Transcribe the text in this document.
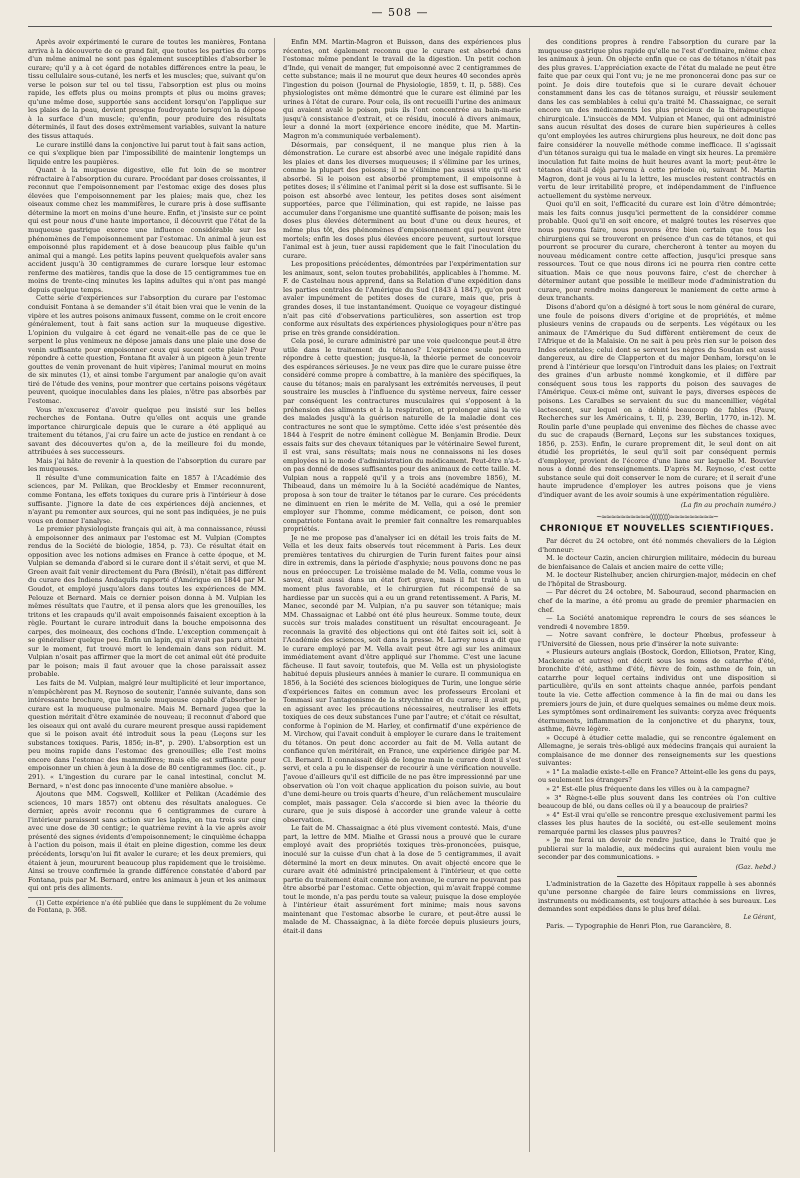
— 508 —

Après avoir expérimenté le curare de toutes les manières, Fontana arriva à la découverte de ce grand fait, que toutes les parties du corps d'un même animal ne sont pas également susceptibles d'absorber le curare; qu'il y a à cet égard de notables différences entre la peau, le tissu cellulaire sous-cutané, les nerfs et les muscles; que, suivant qu'on verse le poison sur tel ou tel tissu, l'absorption est plus ou moins rapide, les effets plus ou moins prompts et plus ou moins graves; qu'une même dose, supportée sans accident lorsqu'on l'applique sur les plaies de la peau, devient presque foudroyante lorsqu'on la dépose à la surface d'un muscle; qu'enfin, pour produire des résultats déterminés, il faut des doses extrêmement variables, suivant la nature des tissus attaqués.

Le curare instillé dans la conjonctive lui parut tout à fait sans action, ce qui s'explique bien par l'impossibilité de maintenir longtemps un liquide entre les paupières.

Quant à la muqueuse digestive, elle fut loin de se montrer réfractaire à l'absorption du curare. Procédant par doses croissantes, il reconnut que l'empoisonnement par l'estomac exige des doses plus élevées que l'empoisonnement par les plaies; mais que, chez les oiseaux comme chez les mammifères, le curare pris à dose suffisante détermine la mort en moins d'une heure. Enfin, et j'insiste sur ce point qui est pour nous d'une haute importance, il découvrit que l'état de la muqueuse gastrique exerce une influence considérable sur les phénomènes de l'empoisonnement par l'estomac. Un animal à jeun est empoisonné plus rapidement et à dose beaucoup plus faible qu'un animal qui a mangé. Les petits lapins peuvent quelquefois avaler sans accident jusqu'à 30 centigrammes de curare lorsque leur estomac renferme des matières, tandis que la dose de 15 centigrammes tue en moins de trente-cinq minutes les lapins adultes qui n'ont pas mangé depuis quelque temps.

Cette série d'expériences sur l'absorption du curare par l'estomac conduisit Fontana à se demander s'il était bien vrai que le venin de la vipère et les autres poisons animaux fussent, comme on le croit encore généralement, tout à fait sans action sur la muqueuse digestive. L'opinion du vulgaire à cet égard ne venait-elle pas de ce que le serpent le plus venimeux ne dépose jamais dans une plaie une dose de venin suffisante pour empoisonner ceux qui sucent cette plaie? Pour répondre à cette question, Fontana fit avaler à un pigeon à jeun trente gouttes de venin provenant de huit vipères; l'animal mourut en moins de six minutes (1), et ainsi tombe l'argument par analogie qu'on avait tiré de l'étude des venins, pour montrer que certains poisons végétaux peuvent, quoique inoculables dans les plaies, n'être pas absorbés par l'estomac.

Vous m'excuserez d'avoir quelque peu insisté sur les belles recherches de Fontana. Outre qu'elles ont acquis une grande importance chirurgicale depuis que le curare a été appliqué au traitement du tétanos, j'ai cru faire un acte de justice en rendant à ce savant des découvertes qu'on a, de la meilleure foi du monde, attribuées à ses successeurs.

Mais j'ai hâte de revenir à la question de l'absorption du curare par les muqueuses.

Il résulte d'une communication faite en 1857 à l'Académie des sciences, par M. Pelikan, que Brocklesby et Emmer reconnurent, comme Fontana, les effets toxiques du curare pris à l'intérieur à dose suffisante. J'ignore la date de ces expériences déjà anciennes, et n'ayant pu remonter aux sources, qui ne sont pas indiquées, je ne puis vous en donner l'analyse.

Le premier physiologiste français qui ait, à ma connaissance, réussi à empoisonner des animaux par l'estomac est M. Vulpian (Comptes rendus de la Société de biologie, 1854, p. 73). Ce résultat était en opposition avec les notions admises en France à cette époque, et M. Vulpian se demanda d'abord si le curare dont il s'était servi, et que M. Green avait fait venir directement du Para (Brésil), n'était pas différent du curare des Indiens Andaquils rapporté d'Amérique en 1844 par M. Goudot, et employé jusqu'alors dans toutes les expériences de MM. Pelouze et Bernard. Mais ce dernier poison donna à M. Vulpian les mêmes résultats que l'autre, et il pensa alors que les grenouilles, les tritons et les crapauds qu'il avait empoisonnés faisaient exception à la règle. Pourtant le curare introduit dans la bouche empoisonna des carpes, des moineaux, des cochons d'Inde. L'exception commençait à se généraliser quelque peu. Enfin un lapin, qui n'avait pas paru atteint sur le moment, fut trouvé mort le lendemain dans son réduit. M. Vulpian n'osait pas affirmer que la mort de cet animal eût été produite par le poison; mais il faut avouer que la chose paraissait assez probable.

Les faits de M. Vulpian, malgré leur multiplicité et leur importance, n'empêchèrent pas M. Reynoso de soutenir, l'année suivante, dans son intéressante brochure, que la seule muqueuse capable d'absorber le curare est la muqueuse pulmonaire. Mais M. Bernard jugea que la question méritait d'être examinée de nouveau; il reconnut d'abord que les oiseaux qui ont avalé du curare meurent presque aussi rapidement que si le poison avait été introduit sous la peau (Leçons sur les substances toxiques. Paris, 1856; in-8°, p. 290). L'absorption est un peu moins rapide dans l'estomac des grenouilles; elle l'est moins encore dans l'estomac des mammifères; mais elle est suffisante pour empoisonner un chien à jeun à la dose de 80 centigrammes (loc. cit., p. 291). « L'ingestion du curare par le canal intestinal, conclut M. Bernard, » n'est donc pas innocente d'une manière absolue. »

Ajoutons que MM. Cogswell, Kolliker et Pelikan (Académie des sciences, 10 mars 1857) ont obtenu des résultats analogues. Ce dernier, après avoir reconnu que 6 centigrammes de curare à l'intérieur paraissent sans action sur les lapins, en tua trois sur cinq avec une dose de 30 centigr.; le quatrième revint à la vie après avoir présenté des signes évidents d'empoisonnement; le cinquième échappa à l'action du poison, mais il était en pleine digestion, comme les deux précédents, lorsqu'on lui fit avaler le curare; et les deux premiers, qui étaient à jeun, moururent beaucoup plus rapidement que le troisième. Ainsi se trouve confirmée la grande différence constatée d'abord par Fontana, puis par M. Bernard, entre les animaux à jeun et les animaux qui ont pris des aliments.

(1) Cette expérience n'a été publiée que dans le supplément du 2e volume de Fontana, p. 368.

Enfin MM. Martin-Magron et Buisson, dans des expériences plus récentes, ont également reconnu que le curare est absorbé dans l'estomac même pendant le travail de la digestion. Un petit cochon d'Inde, qui venait de manger, fut empoisonné avec 2 centigrammes de cette substance; mais il ne mourut que deux heures 40 secondes après l'ingestion du poison (Journal de Physiologie, 1859, t. II, p. 588). Ces physiologistes ont même démontré que le curare est éliminé par les urines à l'état de curare. Pour cela, ils ont recueilli l'urine des animaux qui avaient avalé le poison, puis ils l'ont concentrée au bain-marie jusqu'à consistance d'extrait, et ce résidu, inoculé à divers animaux, leur a donné la mort (expérience encore inédite, que M. Martin-Magron m'a communiquée verbalement).

Désormais, par conséquent, il ne manque plus rien à la démonstration. Le curare est absorbé avec une inégale rapidité dans les plaies et dans les diverses muqueuses; il s'élimine par les urines, comme la plupart des poisons; il ne s'élimine pas aussi vite qu'il est absorbé. Si le poison est absorbé promptement, il empoisonne à petites doses; il s'élimine et l'animal périt si la dose est suffisante. Si le poison est absorbé avec lenteur, les petites doses sont aisément supportées, parce que l'élimination, qui est rapide, ne laisse pas accumuler dans l'organisme une quantité suffisante de poison; mais les doses plus élevées déterminent au bout d'une ou deux heures, et même plus tôt, des phénomènes d'empoisonnement qui peuvent être mortels; enfin les doses plus élevées encore peuvent, surtout lorsque l'animal est à jeun, tuer aussi rapidement que le fait l'inoculation du curare.

Les propositions précédentes, démontrées par l'expérimentation sur les animaux, sont, selon toutes probabilités, applicables à l'homme. M. F. de Castelnau nous apprend, dans sa Relation d'une expédition dans les parties centrales de l'Amérique du Sud (1843 à 1847), qu'on peut avaler impunément de petites doses de curare, mais que, pris à grandes doses, il tue instantanément. Quoique ce voyageur distingué n'ait pas cité d'observations particulières, son assertion est trop conforme aux résultats des expériences physiologiques pour n'être pas prise en très grande considération.

Cela posé, le curare administré par une voie quelconque peut-il être utile dans le traitement du tétanos? L'expérience seule pourra répondre à cette question; jusque-là, la théorie permet de concevoir des espérances sérieuses. Je ne veux pas dire que le curare puisse être considéré comme propre à combattre, à la manière des spécifiques, la cause du tétanos; mais en paralysant les extrémités nerveuses, il peut soustraire les muscles à l'influence du système nerveux, faire cesser par conséquent les contractures musculaires qui s'opposent à la préhension des aliments et à la respiration, et prolonger ainsi la vie des malades jusqu'à la guérison naturelle de la maladie dont ces contractures ne sont que le symptôme. Cette idée s'est présentée dès 1844 à l'esprit de notre éminent collègue M. Benjamin Brodie. Deux essais faits sur des chevaux tétaniques par le vétérinaire Sewel furent, il est vrai, sans résultats; mais nous ne connaissons ni les doses employées ni le mode d'administration du médicament. Peut-être n'a-t-on pas donné de doses suffisantes pour des animaux de cette taille. M. Vulpian nous a rappelé qu'il y a trois ans (novembre 1856), M. Thibeaud, dans un mémoire lu à la Société académique de Nantes, proposa à son tour de traiter le tétanos par le curare. Ces précédents ne diminuent en rien le mérite de M. Vella, qui a osé le premier employer sur l'homme, comme médicament, ce poison, dont son compatriote Fontana avait le premier fait connaître les remarquables propriétés.

Je ne me propose pas d'analyser ici en détail les trois faits de M. Vella et les deux faits observés tout récemment à Paris. Les deux premières tentatives du chirurgien de Turin furent faites pour ainsi dire in extremis, dans la période d'asphyxie; nous pouvons donc ne pas nous en préoccuper. Le troisième malade de M. Vella, comme vous le savez, était aussi dans un état fort grave, mais il fut traité à un moment plus favorable, et le chirurgien fut récompensé de sa hardiesse par un succès qui a eu un grand retentissement. A Paris, M. Manec, secondé par M. Vulpian, n'a pu sauver son tétanique; mais MM. Chassaignac et Labbé ont été plus heureux. Somme toute, deux succès sur trois malades constituent un résultat encourageant. Je reconnais la gravité des objections qui ont été faites soit ici, soit à l'Académie des sciences, soit dans la presse. M. Larrey nous a dit que le curare employé par M. Vella avait peut être agi sur les animaux immédiatement avant d'être appliqué sur l'homme. C'est une lacune fâcheuse. Il faut savoir, toutefois, que M. Vella est un physiologiste habitué depuis plusieurs années à manier le curare. Il communiqua en 1856, à la Société des sciences biologiques de Turin, une longue série d'expériences faites en commun avec les professeurs Ercolani et Tommasi sur l'antagonisme de la strychnine et du curare; il avait pu, en agissant avec les précautions nécessaires, neutraliser les effets toxiques de ces deux substances l'une par l'autre; et c'était ce résultat, conforme à l'opinion de M. Harley, et confirmatif d'une expérience de M. Virchow, qui l'avait conduit à employer le curare dans le traitement du tétanos. On peut donc accorder au fait de M. Vella autant de confiance qu'en méritérait, en France, une expérience dirigée par M. Cl. Bernard. Il connaissait déjà de longue main le curare dont il s'est servi, et cela a pu le dispenser de recourir à une vérification nouvelle. J'avoue d'ailleurs qu'il est difficile de ne pas être impressionné par une observation où l'on voit chaque application du poison suivie, au bout d'une demi-heure ou trois quarts d'heure, d'un relâchement musculaire complet, mais passager. Cela s'accorde si bien avec la théorie du curare, que je suis disposé à accorder une grande valeur à cette observation.

Le fait de M. Chassaignac a été plus vivement contesté. Mais, d'une part, la lettre de MM. Mialhe et Grassi nous a prouvé que le curare employé avait des propriétés toxiques très-prononcées, puisque, inoculé sur la cuisse d'un chat à la dose de 5 centigrammes, il avait déterminé la mort en deux minutes. On avait objecté encore que le curare avait été administré principalement à l'intérieur, et que cette partie du traitement était comme non avenue, le curare ne pouvant pas être absorbé par l'estomac. Cette objection, qui m'avait frappé comme tout le monde, n'a pas perdu toute sa valeur, puisque la dose employée à l'intérieur était assurément fort minime; mais nous savons maintenant que l'estomac absorbe le curare, et peut-être aussi le malade de M. Chassaignac, à la diète forcée depuis plusieurs jours, était-il dans

des conditions propres à rendre l'absorption du curare par la muqueuse gastrique plus rapide qu'elle ne l'est d'ordinaire, même chez les animaux à jeun. On objecte enfin que ce cas de tétanos n'était pas des plus graves. L'appréciation exacte de l'état du malade ne peut être faite que par ceux qui l'ont vu; je ne me prononcerai donc pas sur ce point. Je dois dire toutefois que si le curare devait échouer constamment dans les cas de tétanos suraigu, et réussir seulement dans les cas semblables à celui qu'a traité M. Chassaignac, ce serait encore un des médicaments les plus précieux de la thérapeutique chirurgicale. L'insuccès de MM. Vulpian et Manec, qui ont administré sans aucun résultat des doses de curare bien supérieures à celles qu'ont employées les autres chirurgiens plus heureux, ne doit donc pas faire considérer la nouvelle méthode comme inefficace. Il s'agissait d'un tétanos suraigu qui tua le malade en vingt six heures. La première inoculation fut faite moins de huit heures avant la mort; peut-être le tétanos était-il déjà parvenu à cette période où, suivant M. Martin Magron, dont je vous ai lu la lettre, les muscles restent contractés en vertu de leur irritabilité propre, et indépendamment de l'influence actuellement du système nerveux.

Quoi qu'il en soit, l'efficacité du curare est loin d'être démontrée; mais les faits connus jusqu'ici permettent de la considérer comme probable. Quoi qu'il en soit encore, et malgré toutes les réserves que nous pouvons faire, nous pouvons être bien certain que tous les chirurgiens qui se trouveront en présence d'un cas de tétanos, et qui pourront se procurer du curare, chercheront à tenter au moyen du nouveau médicament contre cette affection, jusqu'ici presque sans ressources. Tout ce que nous dirons ici ne pourra rien contre cette situation. Mais ce que nous pouvons faire, c'est de chercher à déterminer autant que possible le meilleur mode d'administration du curare, pour rendre moins dangereux le maniement de cette arme à deux tranchants.

Disons d'abord qu'on a désigné à tort sous le nom général de curare, une foule de poisons divers d'origine et de propriétés, et même plusieurs venins de crapauds ou de serpents. Les végétaux ou les animaux de l'Amérique du Sud diffèrent entièrement de ceux de l'Afrique et de la Malaisie. On ne sait à peu près rien sur le poison des Indes orientales; celui dont se servent les nègres du Soudan est aussi dangereux, au dire de Clapperton et du major Denham, lorsqu'on le prend à l'intérieur que lorsqu'on l'introduit dans les plaies; on l'extrait des graines d'un arbuste nommé kongkomie, et il diffère par conséquent sous tous les rapports du poison des sauvages de l'Amérique. Ceux-ci même ont, suivant le pays, diverses espèces de poisons. Les Caraïbes se servaient du suc du mancenillier, végétal lactescent, sur lequel on a débité beaucoup de fables (Pauw, Recherches sur les Américains, t. II, p. 239, Berlin, 1770, in-12). M. Roulin parle d'une peuplade qui envenime des flèches de chasse avec du suc de crapauds (Bernard, Leçons sur les substances toxiques, 1856, p. 253). Enfin, le curare proprement dit, le seul dont on ait étudié les propriétés, le seul qu'il soit par conséquent permis d'employer, provient de l'écorce d'une liane sur laquelle M. Bouvier nous a donné des renseignements. D'après M. Reynoso, c'est cette substance seule qui doit conserver le nom de curare; et il serait d'une haute imprudence d'employer les autres poisons que je viens d'indiquer avant de les avoir soumis à une expérimentation régulière.

(La fin au prochain numéro.)
~≈≈≈≈≈≈≈≈≈≈◊◊◊◊◊◊◊◊≈≈≈≈≈≈≈≈≈~
CHRONIQUE ET NOUVELLES SCIENTIFIQUES.

Par décret du 24 octobre, ont été nommés chevaliers de la Légion d'honneur:

M. le docteur Cazin, ancien chirurgien militaire, médecin du bureau de bienfaisance de Calais et ancien maire de cette ville;

M. le docteur Ristelhuber, ancien chirurgien-major, médecin en chef de l'hôpital de Strasbourg.

— Par décret du 24 octobre, M. Sabouraud, second pharmacien en chef de la marine, a été promu au grade de premier pharmacien en chef.

— La Société anatomique reprendra le cours de ses séances le vendredi 4 novembre 1859.

— Notre savant confrère, le docteur Phœbus, professeur à l'Université de Giessen, nous prie d'insérer la note suivante:

« Plusieurs auteurs anglais (Bostock, Gordon, Elliotson, Prater, King, Mackenzie et autres) ont décrit sous les noms de catarrhe d'été, bronchite d'été, asthme d'été, fièvre de foin, asthme de foin, un catarrhe pour lequel certains individus ont une disposition si particulière, qu'ils en sont atteints chaque année, parfois pendant toute la vie. Cette affection commence à la fin de mai ou dans les premiers jours de juin, et dure quelques semaines ou même deux mois. Les symptômes sont ordinairement les suivants: coryza avec fréquents éternuments, inflammation de la conjonctive et du pharynx, toux, asthme, fièvre légère.

» Occupé à étudier cette maladie, qui se rencontre également en Allemagne, je serais très-obligé aux médecins français qui auraient la complaisance de me donner des renseignements sur les questions suivantes:

» 1° La maladie existe-t-elle en France? Atteint-elle les gens du pays, ou seulement les étrangers?

» 2° Est-elle plus fréquente dans les villes ou à la campagne?

» 3° Règne-t-elle plus souvent dans les contrées où l'on cultive beaucoup de blé, ou dans celles où il y a beaucoup de prairies?

» 4° Est-il vrai qu'elle se rencontre presque exclusivement parmi les classes les plus hautes de la société, ou est-elle seulement moins remarquée parmi les classes plus pauvres?

» Je me ferai un devoir de rendre justice, dans le Traité que je publierai sur la maladie, aux médecins qui auraient bien voulu me seconder par des communications. »

(Gaz. hebd.)

L'administration de la Gazette des Hôpitaux rappelle à ses abonnés qu'une personne chargée de faire leurs commissions en livres, instruments ou médicaments, est toujours attachée à ses bureaux. Les demandes sont expédiées dans le plus bref délai.

Le Gérant,

Paris. — Typographie de Henri Plon, rue Garancière, 8.
